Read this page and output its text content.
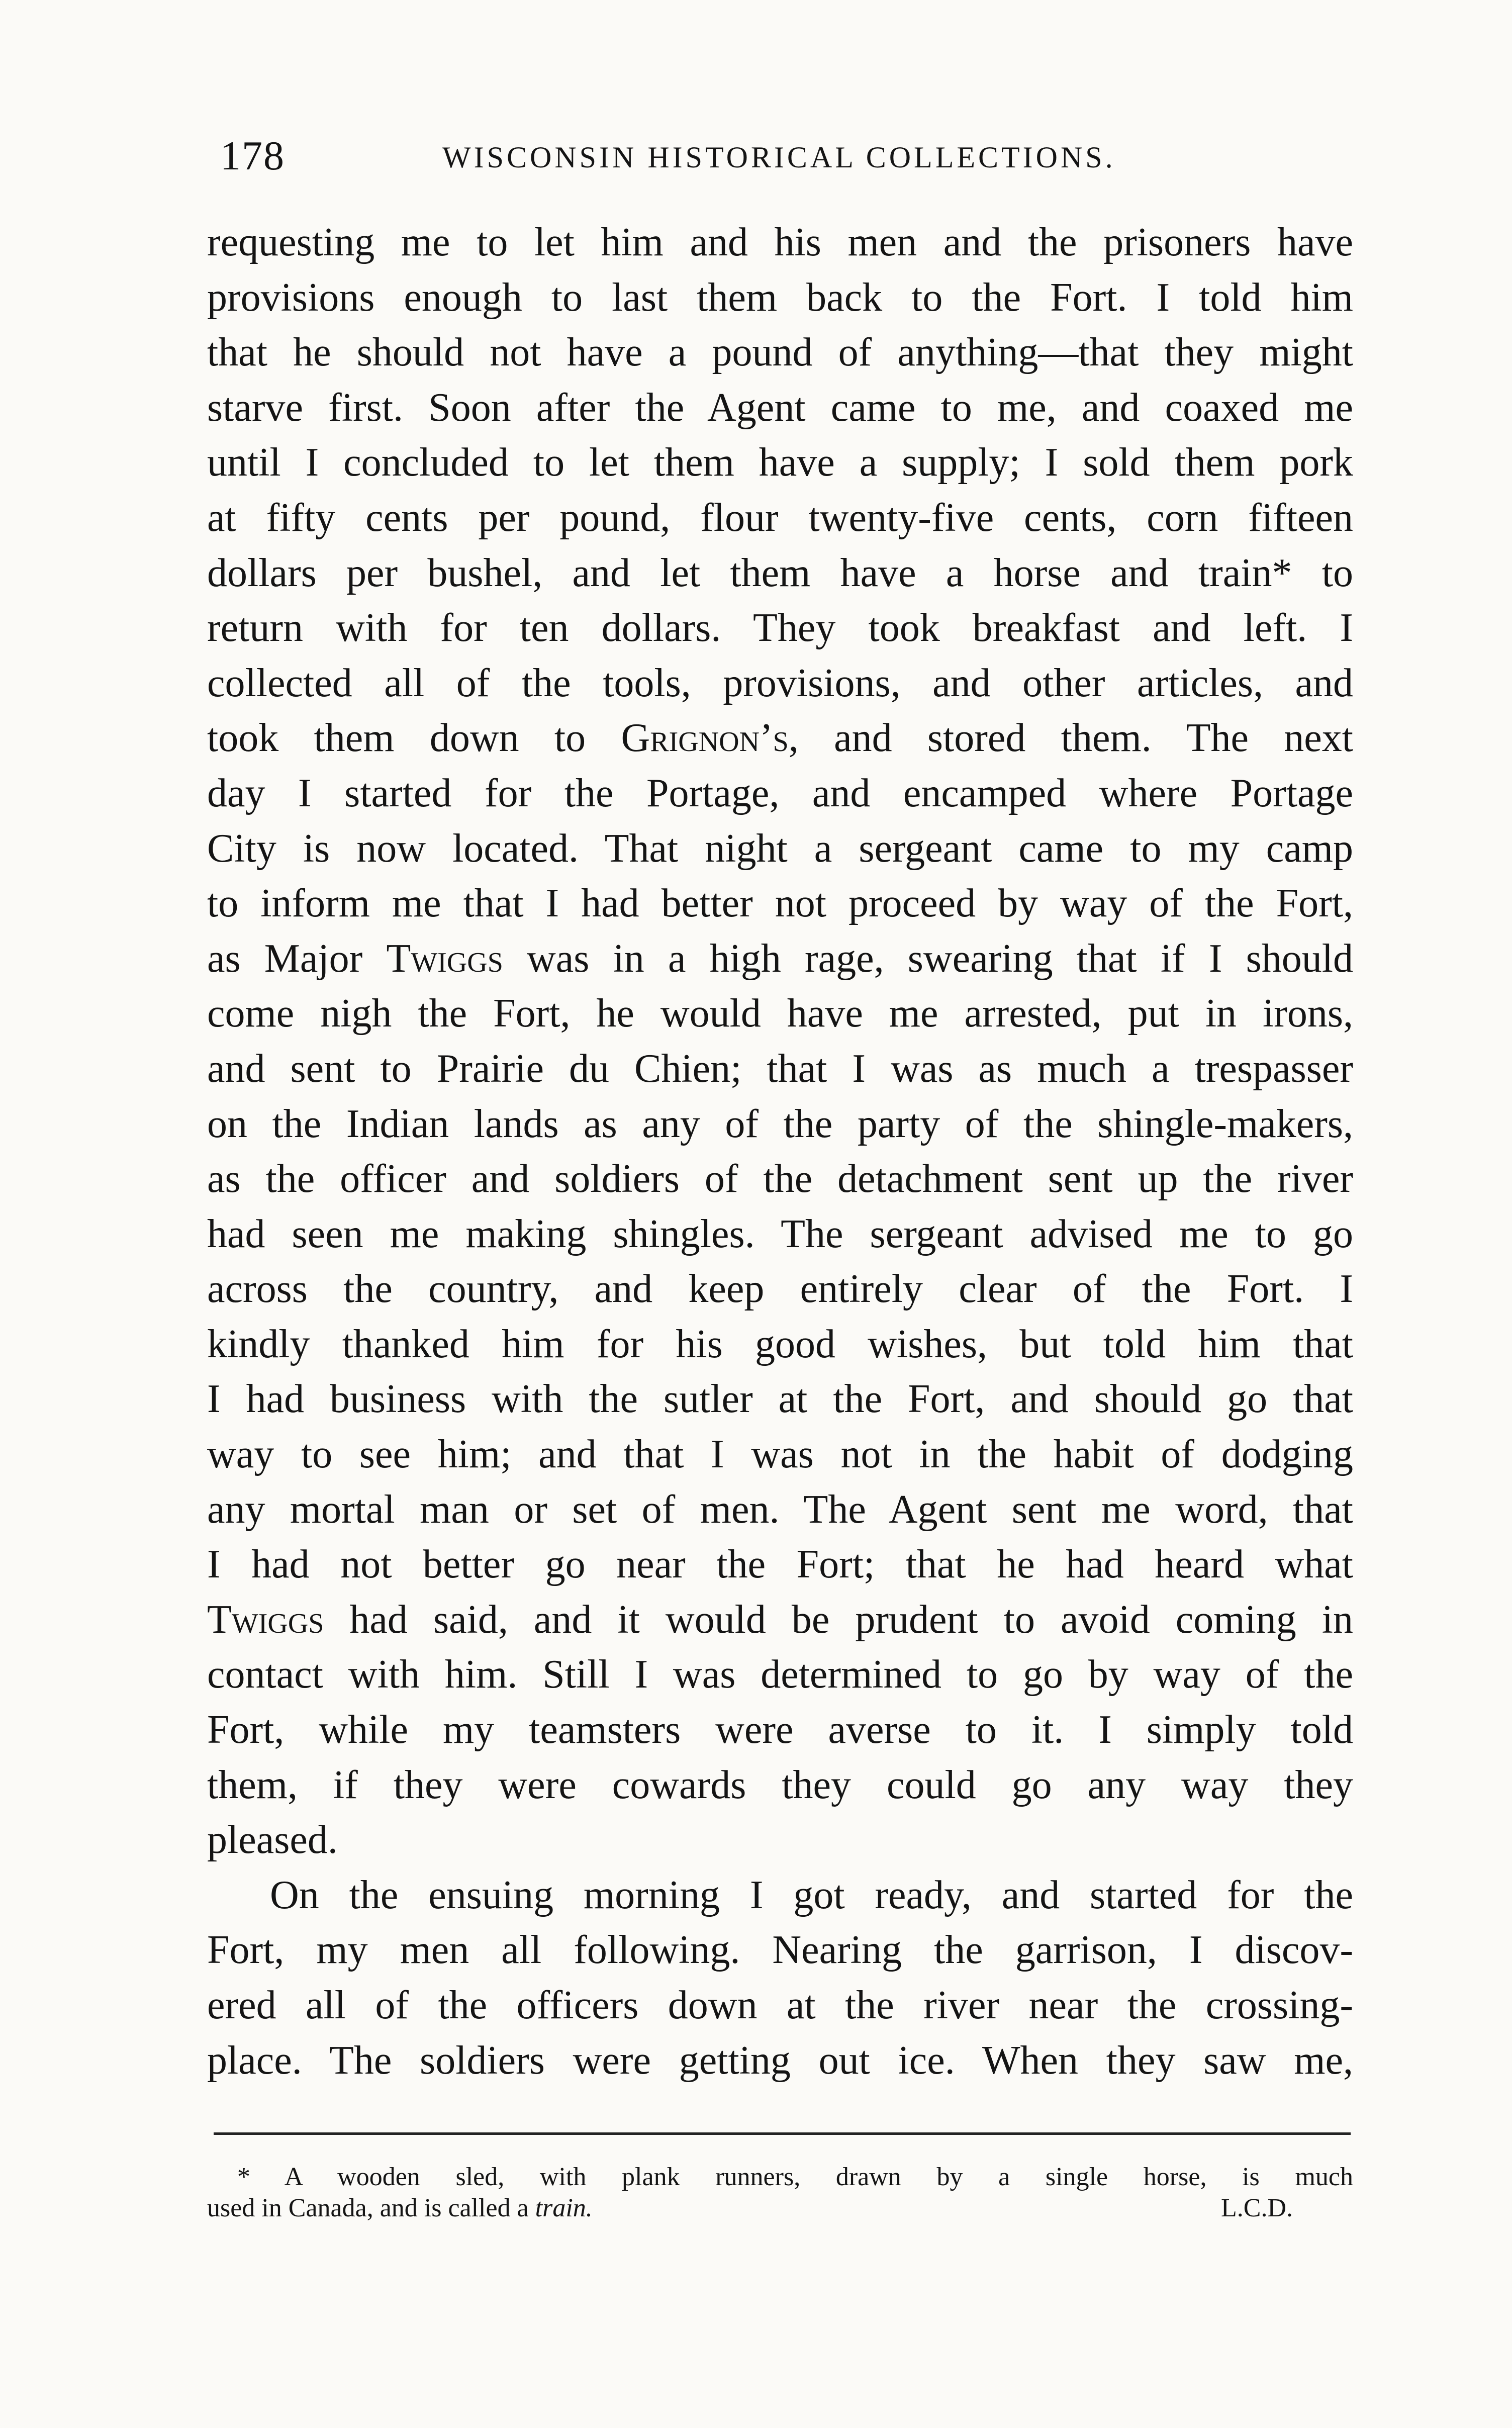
178	WISCONSIN HISTORICAL COLLECTIONS.
requesting me to let him and his men and the prisoners have
provisions enough to last them back to the Fort. I told him
that he should not have a pound of anything—that they might
starve first. Soon after the Agent came to me, and coaxed me
until I concluded to let them have a supply; I sold them pork
at fifty cents per pound, flour twenty-five cents, corn fifteen
dollars per bushel, and let them have a horse and train* to
return with for ten dollars. They took breakfast and left. I
collected all of the tools, provisions, and other articles, and
took them down to Grignon’s, and stored them. The next
day I started for the Portage, and encamped where Portage
City is now located. That night a sergeant came to my camp
to inform me that I had better not proceed by way of the Fort,
as Major Twiggs was in a high rage, swearing that if I should
come nigh the Fort, he would have me arrested, put in irons,
and sent to Prairie du Chien; that I was as much a trespasser
on the Indian lands as any of the party of the shingle-makers,
as the officer and soldiers of the detachment sent up the river
had seen me making shingles. The sergeant advised me to go
across the country, and keep entirely clear of the Fort. I
kindly thanked him for his good wishes, but told him that
I had business with the sutler at the Fort, and should go that
way to see him; and that I was not in the habit of dodging
any mortal man or set of men. The Agent sent me word, that
I had not better go near the Fort; that he had heard what
Twiggs had said, and it would be prudent to avoid coming in
contact with him. Still I was determined to go by way of the
Fort, while my teamsters were averse to it. I simply told
them, if they were cowards they could go any way they
pleased.
On the ensuing morning I got ready, and started for the
Fort, my men all following. Nearing the garrison, I discov-
ered all of the officers down at the river near the crossing-
place. The soldiers were getting out ice. When they saw me,
* A wooden sled, with plank runners, drawn by a single horse, is much
used in Canada, and is called a train.	L.C.D.
